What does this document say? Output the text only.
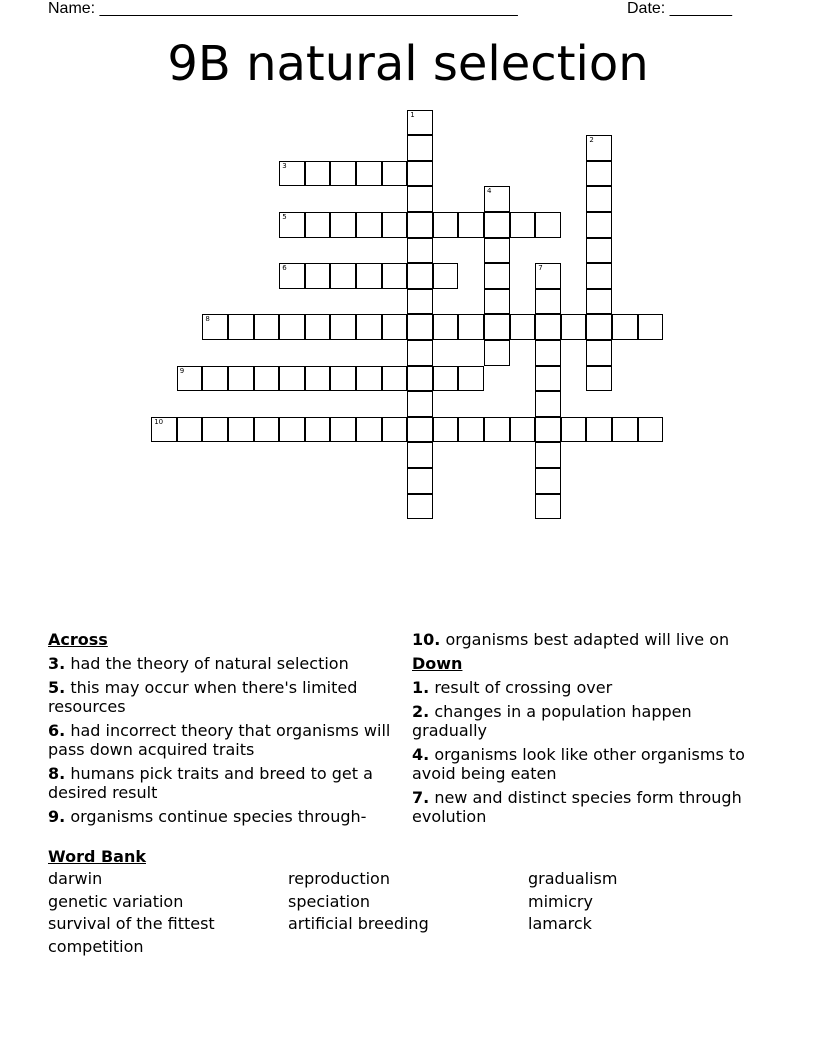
Name: _______________________________________________	Date: _______
9B natural selection
1
2
3
4
5
6	7
8
9
10
Across
3. had the theory of natural selection
5. this may occur when there's limited resources
6. had incorrect theory that organisms will pass down acquired traits
8. humans pick traits and breed to get a desired result
9. organisms continue species through-
10. organisms best adapted will live on
Down
1. result of crossing over
2. changes in a population happen gradually
4. organisms look like other organisms to avoid being eaten
7. new and distinct species form through evolution
Word Bank
darwin
genetic variation
survival of the fittest
competition
reproduction
speciation
artificial breeding
gradualism
mimicry
lamarck
